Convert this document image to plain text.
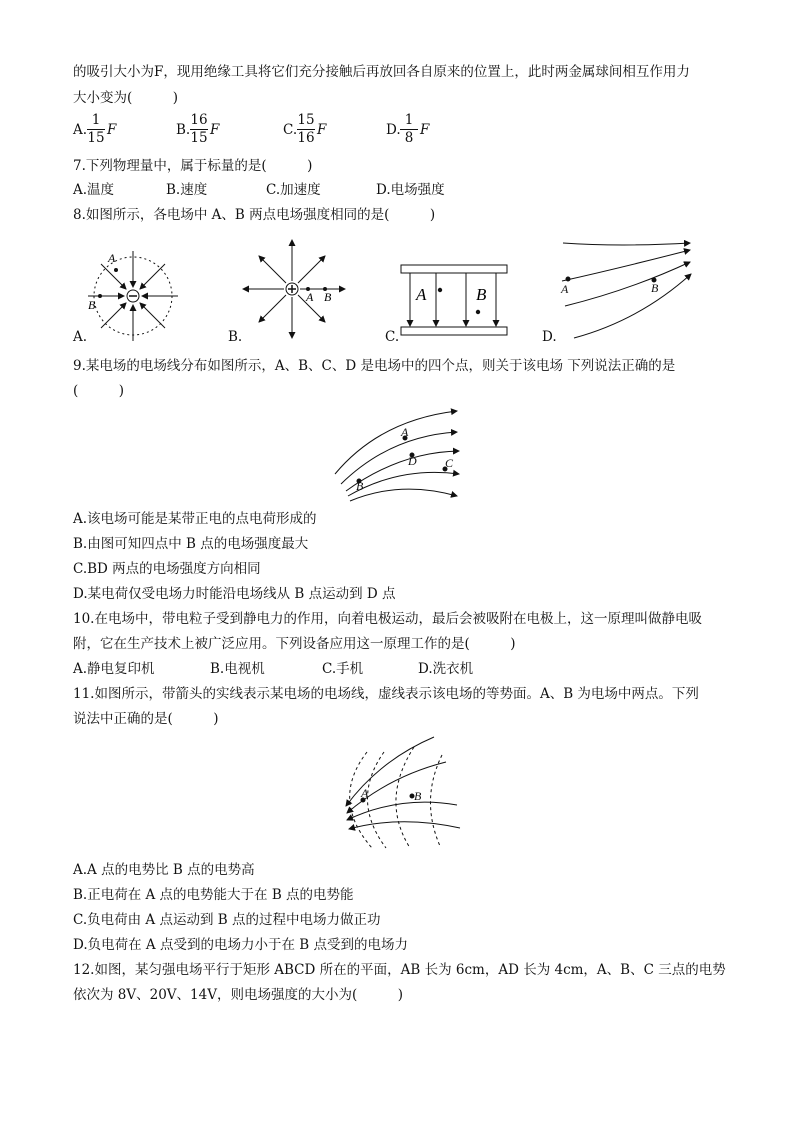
的吸引大小为F，现用绝缘工具将它们充分接触后再放回各自原来的位置上，此时两金属球间相互作用力
大小变为(　　　)
A.
1
15 F	B.
16
15 F	C.
15
16 F	D.
1
8 F
7.下列物理量中，属于标量的是(　　　)
A.温度	B.速度	C.加速度	D.电场强度
8.如图所示，各电场中 A、B 两点电场强度相同的是(　　　)
A
B
A B	A	B	A	B
A
D C
B
A	B
A.	B.	C.	D.
9.某电场的电场线分布如图所示，A、B、C、D 是电场中的四个点，则关于该电场 下列说法正确的是
(　　　)
A.该电场可能是某带正电的点电荷形成的
B.由图可知四点中 B 点的电场强度最大
C.BD 两点的电场强度方向相同
D.某电荷仅受电场力时能沿电场线从 B 点运动到 D 点
10.在电场中，带电粒子受到静电力的作用，向着电极运动，最后会被吸附在电极上，这一原理叫做静电吸
附，它在生产技术上被广泛应用。下列设备应用这一原理工作的是(　　　)
A.静电复印机	B.电视机	C.手机	D.洗衣机
11.如图所示，带箭头的实线表示某电场的电场线，虚线表示该电场的等势面。A、B 为电场中两点。下列
说法中正确的是(　　　)
A.A 点的电势比 B 点的电势高
B.正电荷在 A 点的电势能大于在 B 点的电势能
C.负电荷由 A 点运动到 B 点的过程中电场力做正功
D.负电荷在 A 点受到的电场力小于在 B 点受到的电场力
12.如图，某匀强电场平行于矩形 ABCD 所在的平面，AB 长为 6cm，AD 长为 4cm，A、B、C 三点的电势
依次为 8V、20V、14V，则电场强度的大小为(　　　)
